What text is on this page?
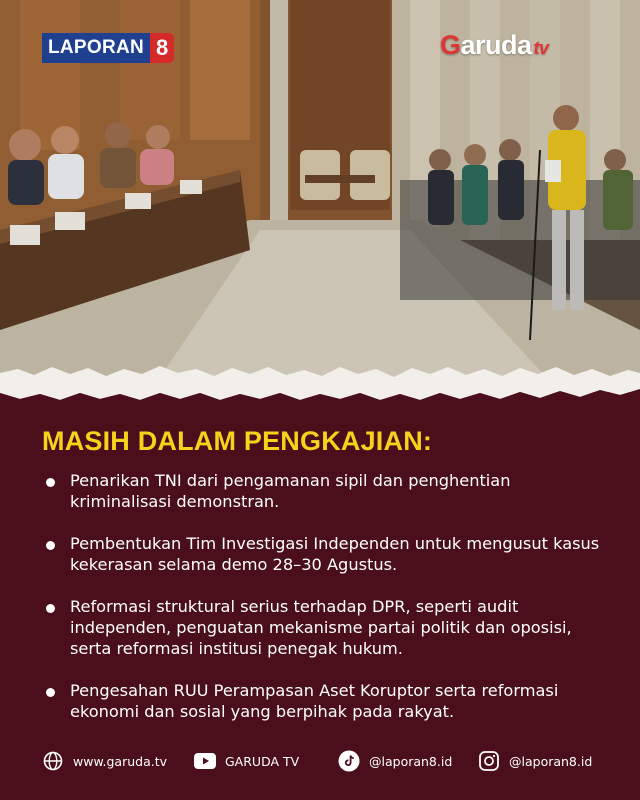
LAPORAN 8	G aruda tv
MASIH DALAM PENGKAJIAN:
Penarikan TNI dari pengamanan sipil dan penghentian kriminalisasi demonstran.
Pembentukan Tim Investigasi Independen untuk mengusut kasus kekerasan selama demo 28–30 Agustus.
Reformasi struktural serius terhadap DPR, seperti audit independen, penguatan mekanisme partai politik dan oposisi, serta reformasi institusi penegak hukum.
Pengesahan RUU Perampasan Aset Koruptor serta reformasi ekonomi dan sosial yang berpihak pada rakyat.
www.garuda.tv	GARUDA TV	@laporan8.id	@laporan8.id
